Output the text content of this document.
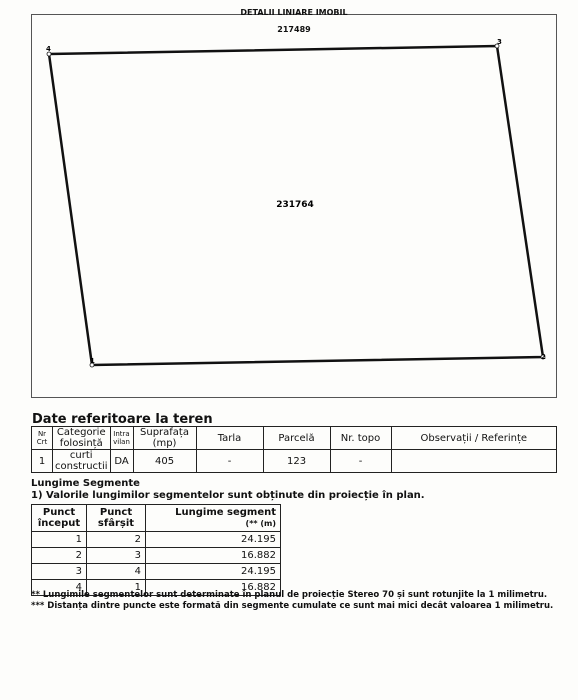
DETALII LINIARE IMOBIL
217489
4
3
2
1
231764
Date referitoare la teren
Nr Crt	Categorie folosință	Intra vilan	Suprafața (mp)	Tarla	Parcelă	Nr. topo	Observații / Referințe
1	curti constructii	DA	405	-	123	-	
Lungime Segmente
1) Valorile lungimilor segmentelor sunt obținute din proiecție în plan.
Punct început	Punct sfârșit	Lungime segment
(** (m)
1	2	24.195
2	3	16.882
3	4	24.195
4	1	16.882
** Lungimile segmentelor sunt determinate în planul de proiecție Stereo 70 și sunt rotunjite la 1 milimetru.
*** Distanța dintre puncte este formată din segmente cumulate ce sunt mai mici decât valoarea 1 milimetru.
